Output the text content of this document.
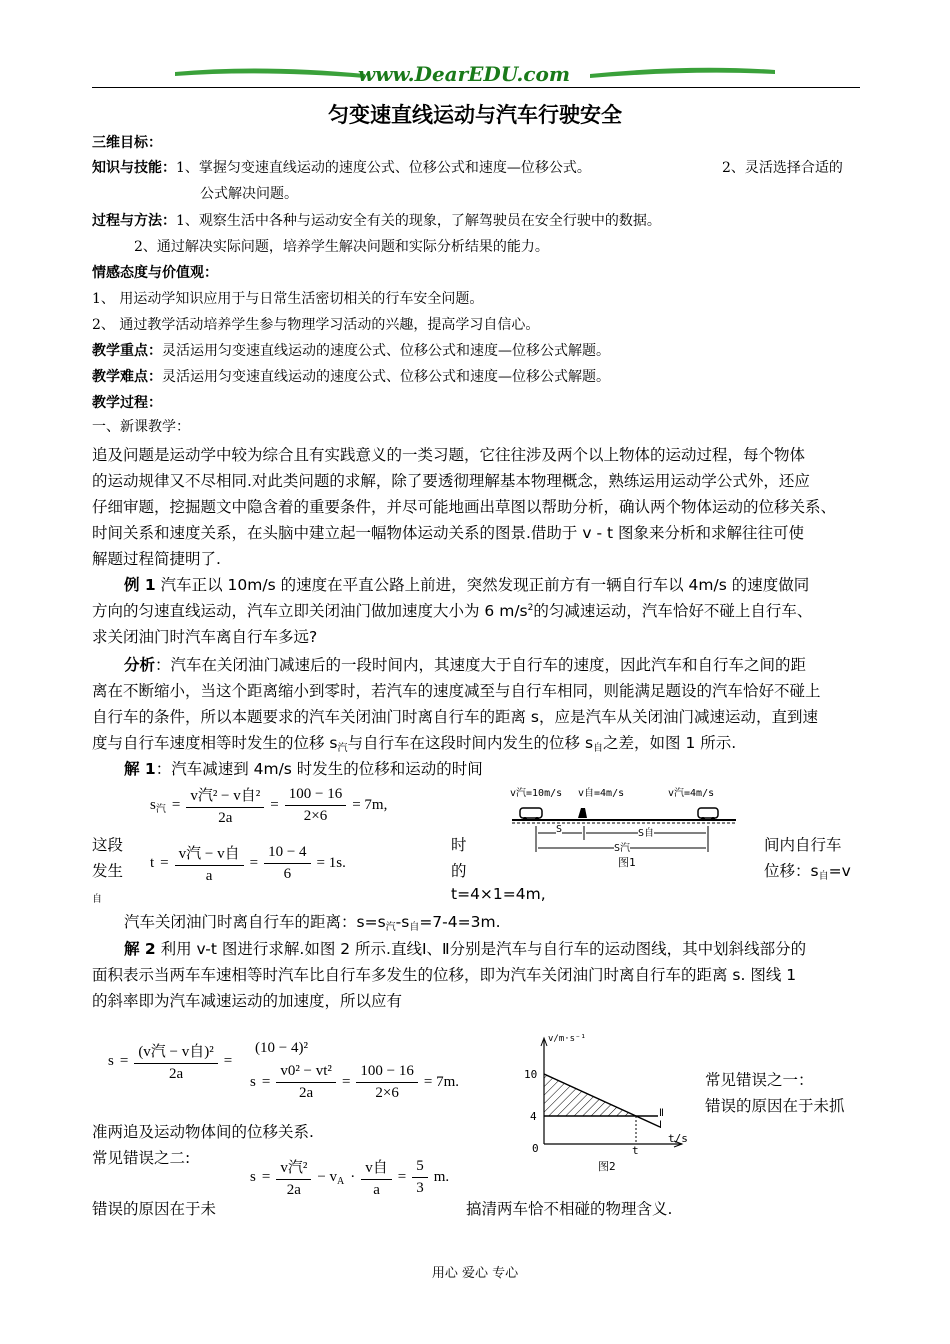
www.DearEDU.com
匀变速直线运动与汽车行驶安全
三维目标：
知识与技能：1、掌握匀变速直线运动的速度公式、位移公式和速度—位移公式。	2、灵活选择合适的
公式解决问题。
过程与方法：1、观察生活中各种与运动安全有关的现象，了解驾驶员在安全行驶中的数据。
2、通过解决实际问题，培养学生解决问题和实际分析结果的能力。
情感态度与价值观：
1、 用运动学知识应用于与日常生活密切相关的行车安全问题。
2、 通过教学活动培养学生参与物理学习活动的兴趣，提高学习自信心。
教学重点：灵活运用匀变速直线运动的速度公式、位移公式和速度—位移公式解题。
教学难点：灵活运用匀变速直线运动的速度公式、位移公式和速度—位移公式解题。
教学过程：
一、新课教学：
追及问题是运动学中较为综合且有实践意义的一类习题，它往往涉及两个以上物体的运动过程，每个物体
的运动规律又不尽相同.对此类问题的求解，除了要透彻理解基本物理概念，熟练运用运动学公式外，还应
仔细审题，挖掘题文中隐含着的重要条件，并尽可能地画出草图以帮助分析，确认两个物体运动的位移关系、
时间关系和速度关系，在头脑中建立起一幅物体运动关系的图景.借助于 v - t 图象来分析和求解往往可使
解题过程简捷明了.
例 1 汽车正以 10m/s 的速度在平直公路上前进，突然发现正前方有一辆自行车以 4m/s 的速度做同
方向的匀速直线运动，汽车立即关闭油门做加速度大小为 6 $m/s^2$的匀减速运动，汽车恰好不碰上自行车、
求关闭油门时汽车离自行车多远?
分析：汽车在关闭油门减速后的一段时间内，其速度大于自行车的速度，因此汽车和自行车之间的距
离在不断缩小，当这个距离缩小到零时，若汽车的速度减至与自行车相同，则能满足题设的汽车恰好不碰上
自行车的条件，所以本题要求的汽车关闭油门时离自行车的距离 s，应是汽车从关闭油门减速运动，直到速
度与自行车速度相等时发生的位移 $s_汽$与自行车在这段时间内发生的位移 $s_自$之差，如图 1 所示.
解 1：汽车减速到 4m/s 时发生的位移和运动的时间
$s_汽 = \frac{\text{v汽² − v自²}}{2a} = \frac{100 - 16}{2\times 6} = 7m$,
$t = \frac{\text{v汽 − v自}}{a} = \frac{10 - 4}{6} = 1s$.
这段
发生
自
时
的
t=4×1=4m,
间内自行车
位移：$s_自=v$
v汽=10m/s v自=4m/s	v汽=4m/s
S	S自
S汽
图1
汽车关闭油门时离自行车的距离：$s=s_汽-s_自=7-4=3m$.
解 2 利用 v-t 图进行求解.如图 2 所示.直线Ⅰ、Ⅱ分别是汽车与自行车的运动图线，其中划斜线部分的
面积表示当两车车速相等时汽车比自行车多发生的位移，即为汽车关闭油门时离自行车的距离 s. 图线 1
的斜率即为汽车减速运动的加速度，所以应有
$s = \frac{\text{(v汽 − v自)²}}{2a}$ =
(10 − 4)²
$s = \frac{\text{v0² − vt²}}{2a} = \frac{100 - 16}{2\times 6} = 7m$.
v/m·s⁻¹
t/s
10
4
0	t
Ⅱ
Ⅰ
图2
常见错误之一：
错误的原因在于未抓
准两追及运动物体间的位移关系.
常见错误之二:
$s = \frac{\text{v汽²}}{2a} - v_A \cdot \frac{\text{v自}}{a} = \frac{5}{3} m$.
错误的原因在于未	搞清两车恰不相碰的物理含义.
用心 爱心 专心
